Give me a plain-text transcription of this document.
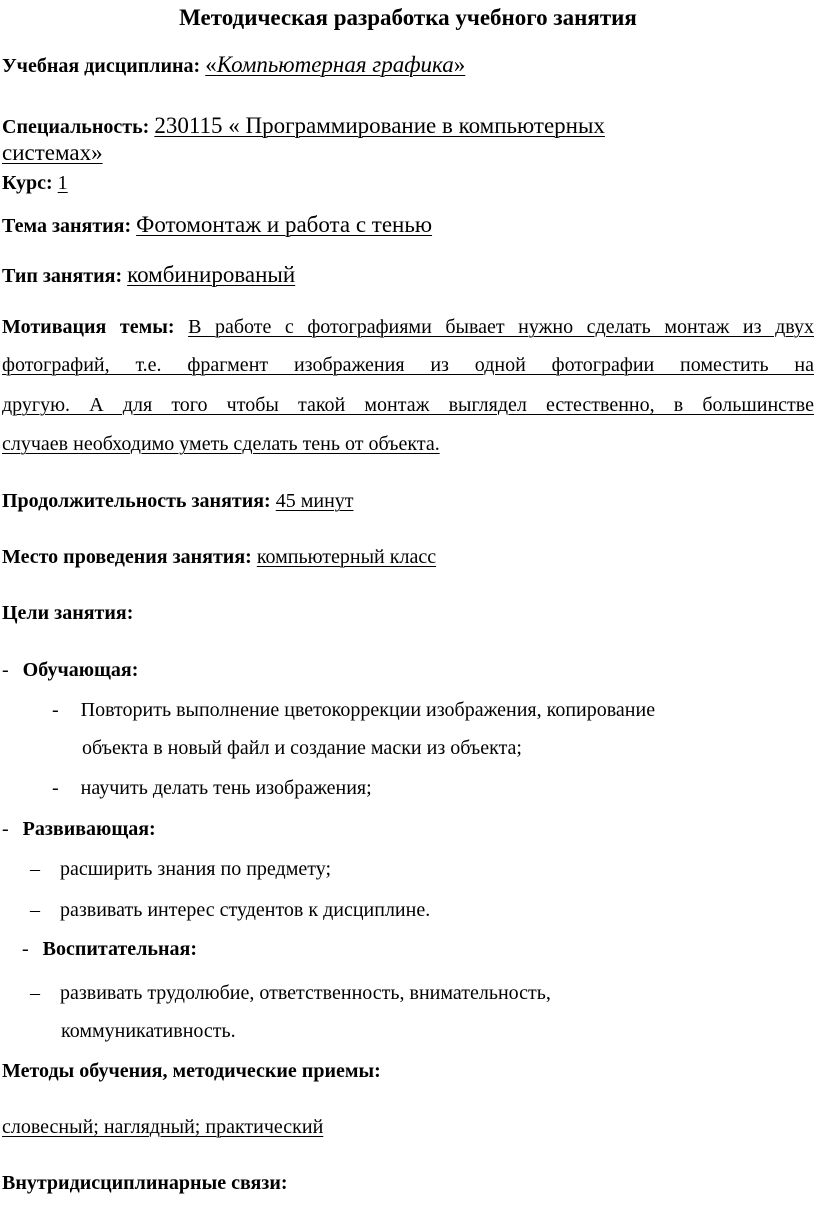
Методическая разработка учебного занятия
Учебная дисциплина: «Компьютерная графика»
Специальность: 230115 « Программирование в компьютерных
системах»
Курс: 1
Тема занятия: Фотомонтаж и работа с тенью
Тип занятия: комбинированый
Мотивация темы: В работе с фотографиями бывает нужно сделать монтаж из двух
фотографий, т.е. фрагмент изображения из одной фотографии поместить на
другую. А для того чтобы такой монтаж выглядел естественно, в большинстве
случаев необходимо уметь сделать тень от объекта.
Продолжительность занятия: 45 минут
Место проведения занятия: компьютерный класс
Цели занятия:
- Обучающая:
- Повторить выполнение цветокоррекции изображения, копирование
объекта в новый файл и создание маски из объекта;
- научить делать тень изображения;
- Развивающая:
– расширить знания по предмету;
– развивать интерес студентов к дисциплине.
- Воспитательная:
– развивать трудолюбие, ответственность, внимательность,
коммуникативность.
Методы обучения, методические приемы:
словесный; наглядный; практический
Внутридисциплинарные связи:
